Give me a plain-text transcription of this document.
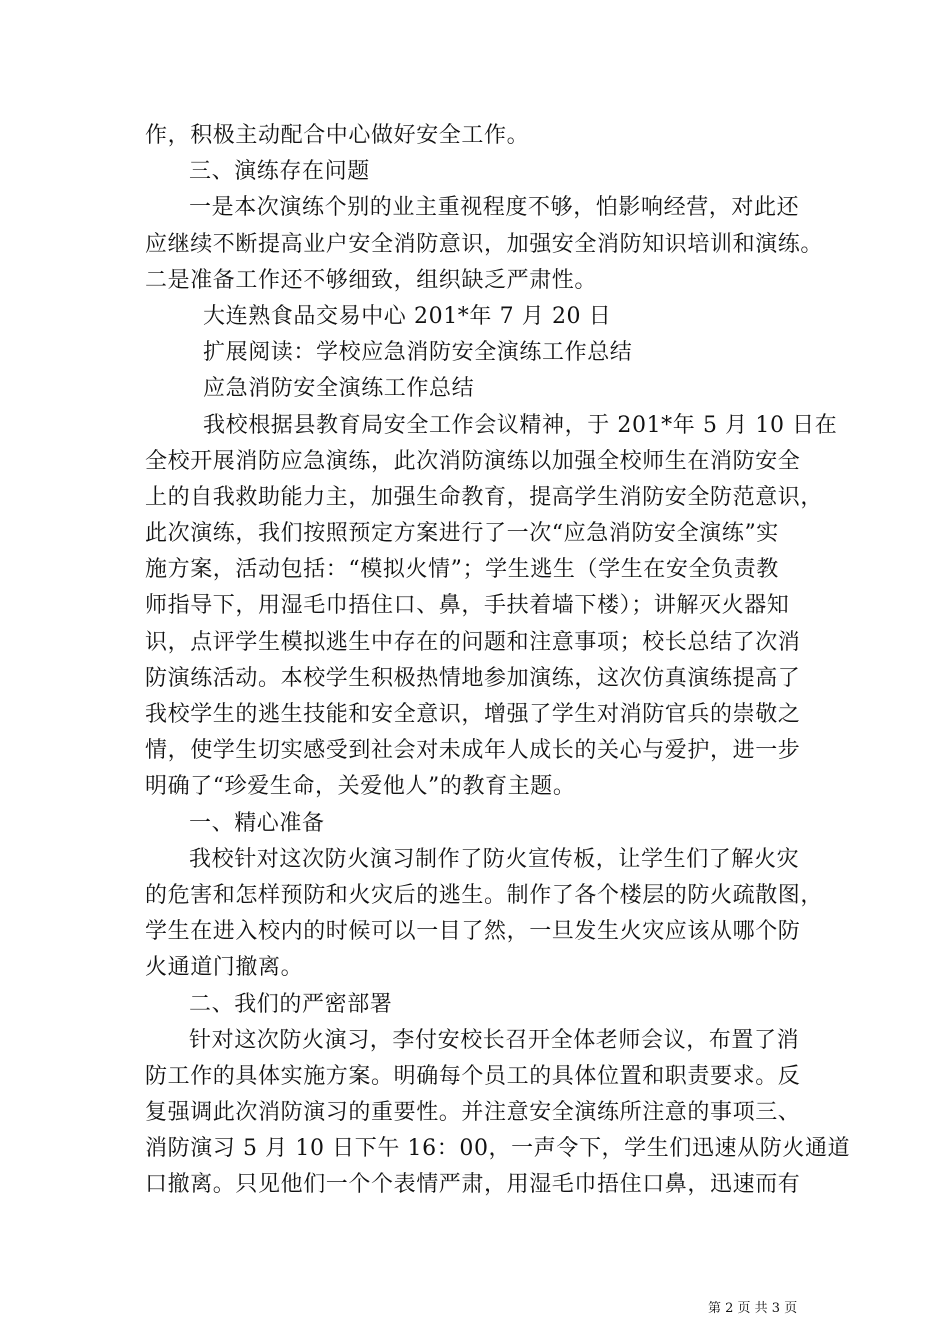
作，积极主动配合中心做好安全工作。
三、演练存在问题
一是本次演练个别的业主重视程度不够，怕影响经营，对此还
应继续不断提高业户安全消防意识，加强安全消防知识培训和演练。
二是准备工作还不够细致，组织缺乏严肃性。
大连熟食品交易中心 201*年 7 月 20 日
扩展阅读：学校应急消防安全演练工作总结
应急消防安全演练工作总结
我校根据县教育局安全工作会议精神，于 201*年 5 月 10 日在
全校开展消防应急演练，此次消防演练以加强全校师生在消防安全
上的自我救助能力主，加强生命教育，提高学生消防安全防范意识，
此次演练，我们按照预定方案进行了一次“应急消防安全演练”实
施方案，活动包括：“模拟火情”；学生逃生（学生在安全负责教
师指导下，用湿毛巾捂住口、鼻，手扶着墙下楼）；讲解灭火器知
识，点评学生模拟逃生中存在的问题和注意事项；校长总结了次消
防演练活动。本校学生积极热情地参加演练，这次仿真演练提高了
我校学生的逃生技能和安全意识，增强了学生对消防官兵的崇敬之
情，使学生切实感受到社会对未成年人成长的关心与爱护，进一步
明确了“珍爱生命，关爱他人”的教育主题。
一、精心准备
我校针对这次防火演习制作了防火宣传板，让学生们了解火灾
的危害和怎样预防和火灾后的逃生。制作了各个楼层的防火疏散图，
学生在进入校内的时候可以一目了然，一旦发生火灾应该从哪个防
火通道门撤离。
二、我们的严密部署
针对这次防火演习，李付安校长召开全体老师会议，布置了消
防工作的具体实施方案。明确每个员工的具体位置和职责要求。反
复强调此次消防演习的重要性。并注意安全演练所注意的事项三、
消防演习 5 月 10 日下午 16：00，一声令下，学生们迅速从防火通道
口撤离。只见他们一个个表情严肃，用湿毛巾捂住口鼻，迅速而有
第 2 页 共 3 页
